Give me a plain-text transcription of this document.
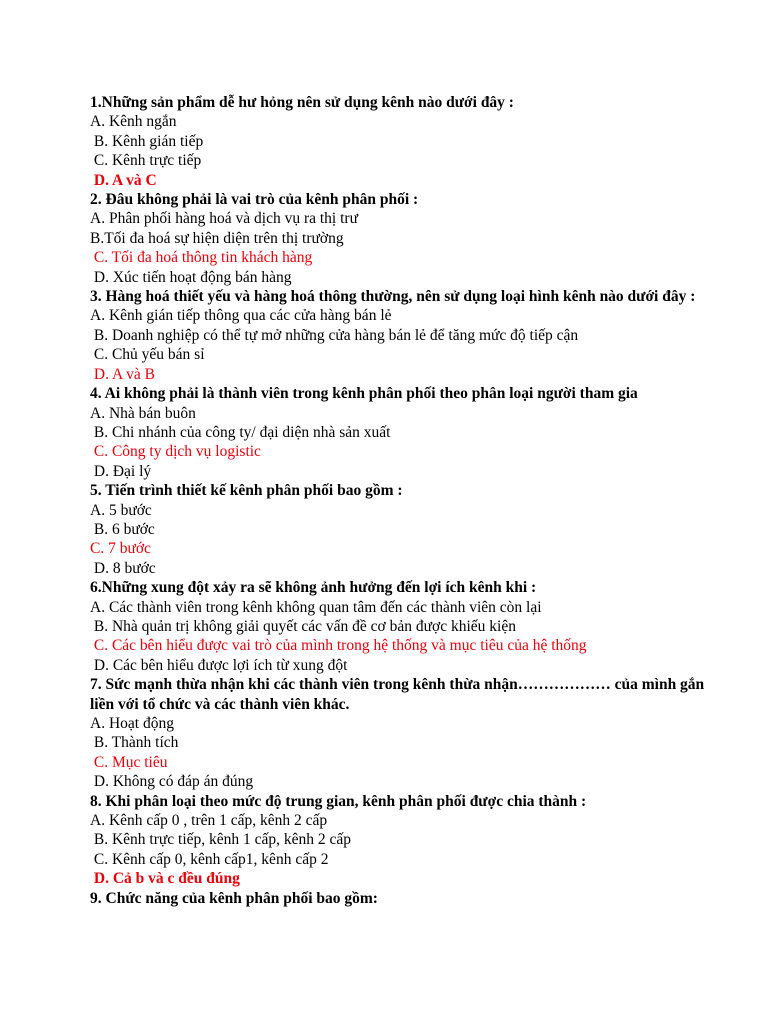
1.Những sản phẩm dễ hư hỏng nên sử dụng kênh nào dưới đây :
A. Kênh ngắn
B. Kênh gián tiếp
C. Kênh trực tiếp
D. A và C
2. Đâu không phải là vai trò của kênh phân phối :
A. Phân phối hàng hoá và dịch vụ ra thị trư
B.Tối đa hoá sự hiện diện trên thị trường
C. Tối đa hoá thông tin khách hàng
D. Xúc tiến hoạt động bán hàng
3. Hàng hoá thiết yếu và hàng hoá thông thường, nên sử dụng loại hình kênh nào dưới đây :
A. Kênh gián tiếp thông qua các cửa hàng bán lẻ
B. Doanh nghiệp có thể tự mở những cửa hàng bán lẻ để tăng mức độ tiếp cận
C. Chủ yếu bán sỉ
D. A và B
4. Ai không phải là thành viên trong kênh phân phối theo phân loại người tham gia
A. Nhà bán buôn
B. Chi nhánh của công ty/ đại diện nhà sản xuất
C. Công ty dịch vụ logistic
D. Đại lý
5. Tiến trình thiết kế kênh phân phối bao gồm :
A. 5 bước
B. 6 bước
C. 7 bước
D. 8 bước
6.Những xung đột xảy ra sẽ không ảnh hưởng đến lợi ích kênh khi :
A. Các thành viên trong kênh không quan tâm đến các thành viên còn lại
B. Nhà quản trị không giải quyết các vấn đề cơ bản được khiếu kiện
C. Các bên hiểu được vai trò của mình trong hệ thống và mục tiêu của hệ thống
D. Các bên hiểu được lợi ích từ xung đột
7. Sức mạnh thừa nhận khi các thành viên trong kênh thừa nhận……………… của mình gắn liền với tổ chức và các thành viên khác.
A. Hoạt động
B. Thành tích
C. Mục tiêu
D. Không có đáp án đúng
8. Khi phân loại theo mức độ trung gian, kênh phân phối được chia thành :
A. Kênh cấp 0 , trên 1 cấp, kênh 2 cấp
B. Kênh trực tiếp, kênh 1 cấp, kênh 2 cấp
C. Kênh cấp 0, kênh cấp1, kênh cấp 2
D. Cả b và c đều đúng
9. Chức năng của kênh phân phối bao gồm:
